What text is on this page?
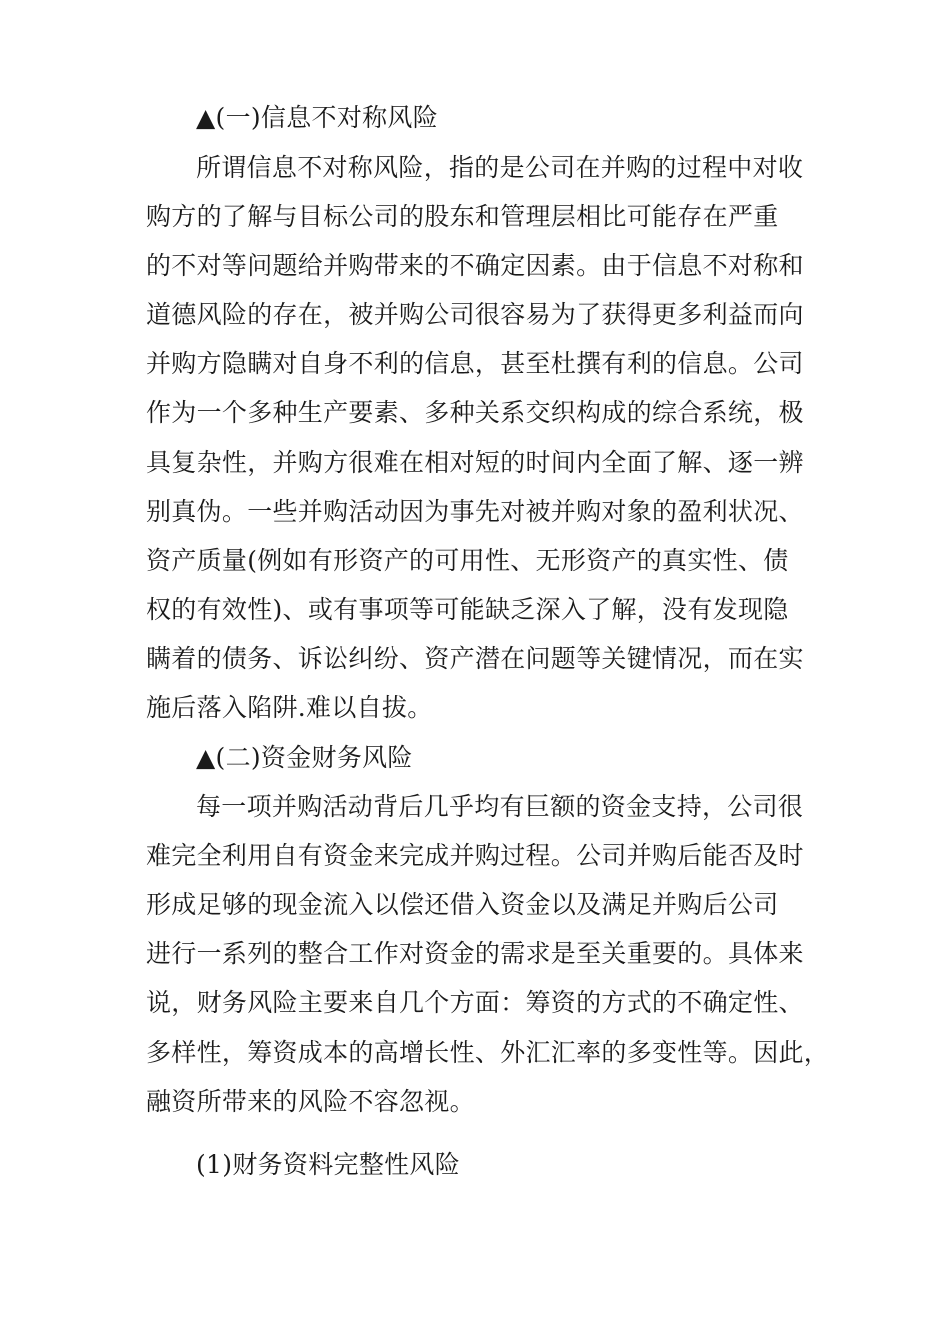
▲(一)信息不对称风险
所谓信息不对称风险，指的是公司在并购的过程中对收
购方的了解与目标公司的股东和管理层相比可能存在严重
的不对等问题给并购带来的不确定因素。由于信息不对称和
道德风险的存在，被并购公司很容易为了获得更多利益而向
并购方隐瞒对自身不利的信息，甚至杜撰有利的信息。公司
作为一个多种生产要素、多种关系交织构成的综合系统，极
具复杂性，并购方很难在相对短的时间内全面了解、逐一辨
别真伪。一些并购活动因为事先对被并购对象的盈利状况、
资产质量(例如有形资产的可用性、无形资产的真实性、债
权的有效性)、或有事项等可能缺乏深入了解，没有发现隐
瞒着的债务、诉讼纠纷、资产潜在问题等关键情况，而在实
施后落入陷阱.难以自拔。
▲(二)资金财务风险
每一项并购活动背后几乎均有巨额的资金支持，公司很
难完全利用自有资金来完成并购过程。公司并购后能否及时
形成足够的现金流入以偿还借入资金以及满足并购后公司
进行一系列的整合工作对资金的需求是至关重要的。具体来
说，财务风险主要来自几个方面：筹资的方式的不确定性、
多样性，筹资成本的高增长性、外汇汇率的多变性等。因此，
融资所带来的风险不容忽视。
(1)财务资料完整性风险
